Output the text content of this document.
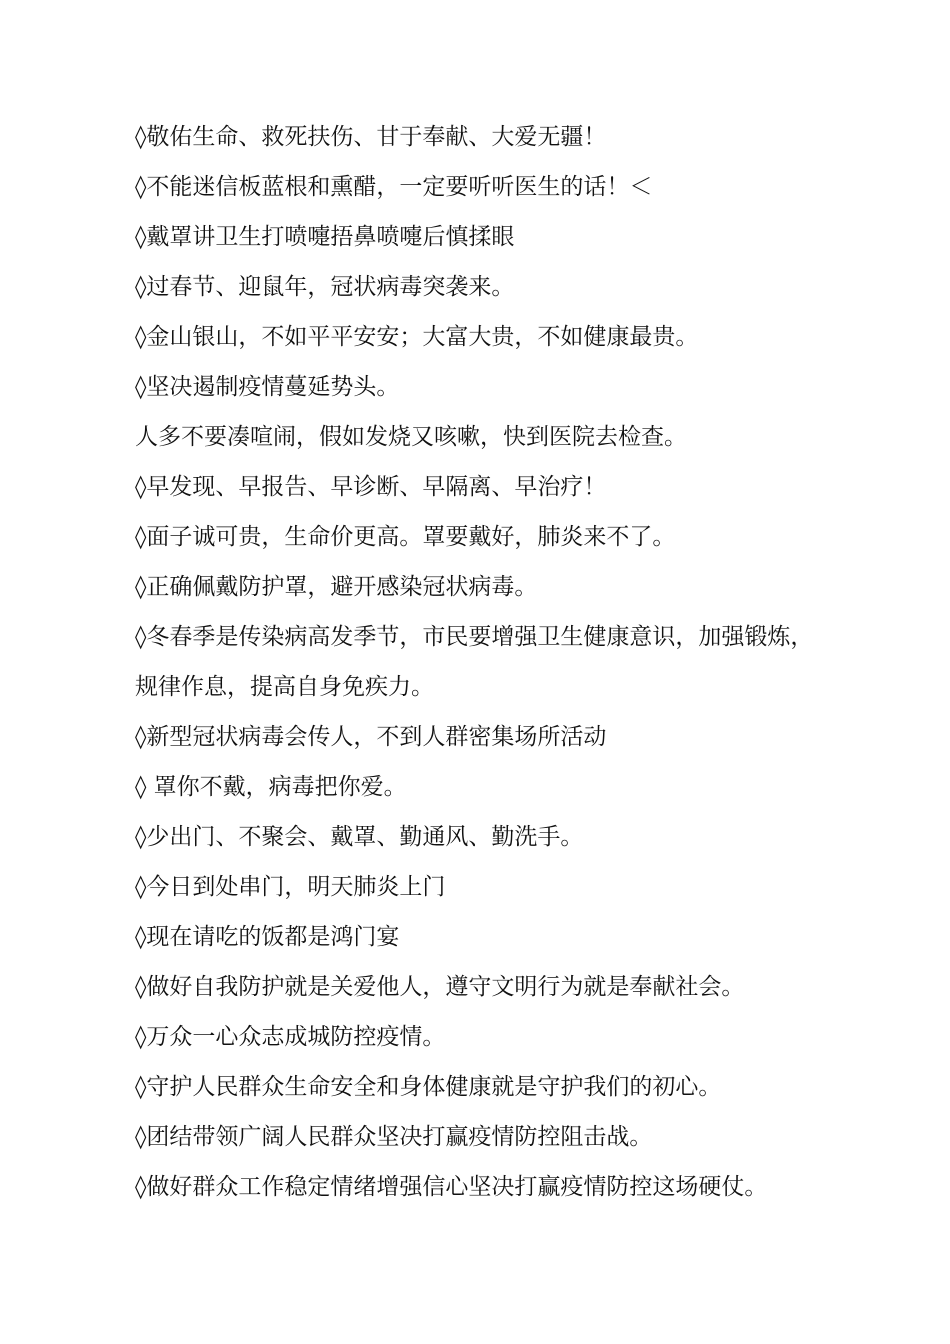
◊敬佑生命、救死扶伤、甘于奉献、大爱无疆！

◊不能迷信板蓝根和熏醋，一定要听听医生的话！＜

◊戴罩讲卫生打喷嚏捂鼻喷嚏后慎揉眼

◊过春节、迎鼠年，冠状病毒突袭来。

◊金山银山，不如平平安安；大富大贵，不如健康最贵。

◊坚决遏制疫情蔓延势头。

人多不要凑喧闹，假如发烧又咳嗽，快到医院去检查。

◊早发现、早报告、早诊断、早隔离、早治疗！

◊面子诚可贵，生命价更高。罩要戴好，肺炎来不了。

◊正确佩戴防护罩，避开感染冠状病毒。

◊冬春季是传染病高发季节，市民要增强卫生健康意识，加强锻炼，规律作息，提高自身免疾力。

◊新型冠状病毒会传人，不到人群密集场所活动

◊ 罩你不戴，病毒把你爱。

◊少出门、不聚会、戴罩、勤通风、勤洗手。

◊今日到处串门，明天肺炎上门

◊现在请吃的饭都是鸿门宴

◊做好自我防护就是关爱他人，遵守文明行为就是奉献社会。

◊万众一心众志成城防控疫情。

◊守护人民群众生命安全和身体健康就是守护我们的初心。

◊团结带领广阔人民群众坚决打赢疫情防控阻击战。

◊做好群众工作稳定情绪增强信心坚决打赢疫情防控这场硬仗。
